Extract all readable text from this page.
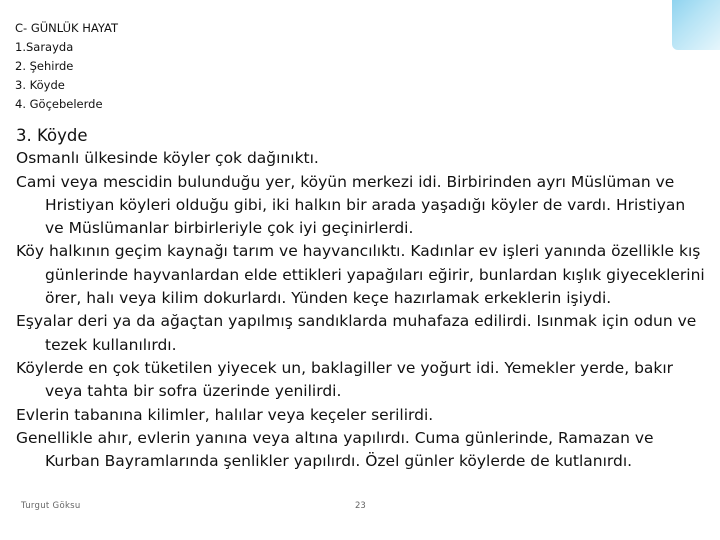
C- GÜNLÜK HAYAT
1.Sarayda
2. Şehirde
3. Köyde
4. Göçebelerde
3. Köyde

Osmanlı ülkesinde köyler çok dağınıktı.

Cami veya mescidin bulunduğu yer, köyün merkezi idi. Birbirinden ayrı Müslüman ve Hristiyan köyleri olduğu gibi, iki halkın bir arada yaşadığı köyler de vardı. Hristiyan ve Müslümanlar birbirleriyle çok iyi geçinirlerdi.

Köy halkının geçim kaynağı tarım ve hayvancılıktı. Kadınlar ev işleri yanında özellikle kış günlerinde hayvanlardan elde ettikleri yapağıları eğirir, bunlardan kışlık giyeceklerini örer, halı veya kilim dokurlardı. Yünden keçe hazırlamak erkeklerin işiydi.

Eşyalar deri ya da ağaçtan yapılmış sandıklarda muhafaza edilirdi. Isınmak için odun ve tezek kullanılırdı.

Köylerde en çok tüketilen yiyecek un, baklagiller ve yoğurt idi. Yemekler yerde, bakır veya tahta bir sofra üzerinde yenilirdi.

Evlerin tabanına kilimler, halılar veya keçeler serilirdi.

Genellikle ahır, evlerin yanına veya altına yapılırdı. Cuma günlerinde, Ramazan ve Kurban Bayramlarında şenlikler yapılırdı. Özel günler köylerde de kutlanırdı.

Turgut Göksu	23
